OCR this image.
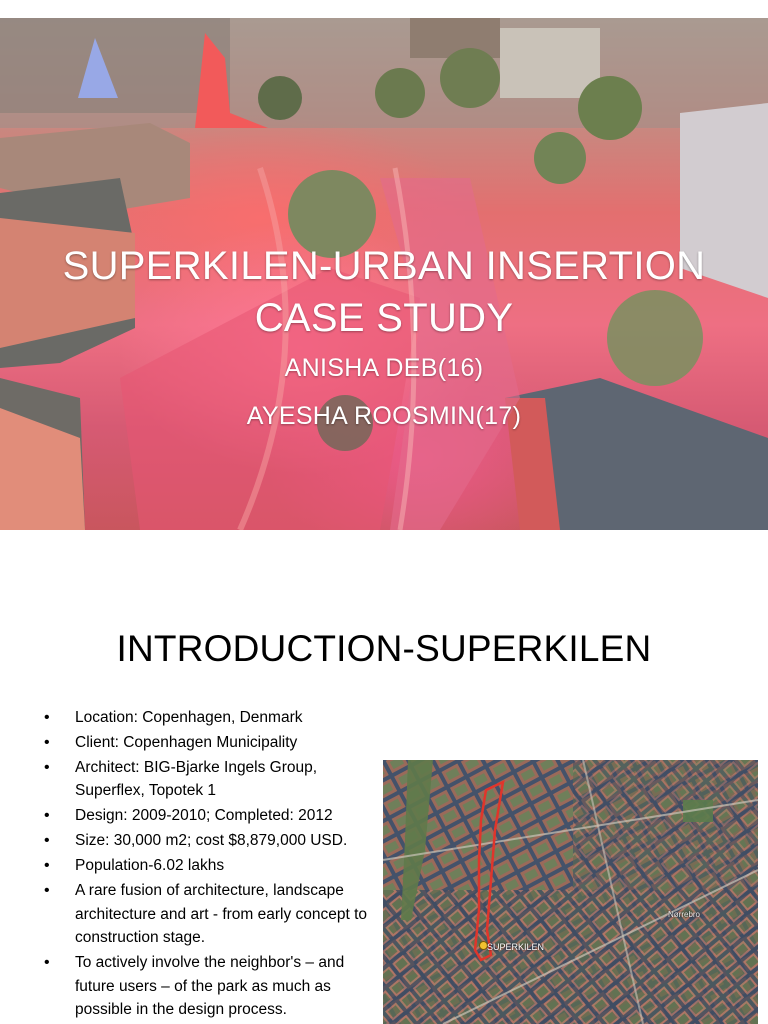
SUPERKILEN-URBAN INSERTION
CASE STUDY
ANISHA DEB(16)
AYESHA ROOSMIN(17)
INTRODUCTION-SUPERKILEN
• Location: Copenhagen, Denmark
• Client: Copenhagen Municipality
• Architect: BIG-Bjarke Ingels Group, Superflex, Topotek 1
• Design: 2009-2010; Completed: 2012
• Size: 30,000 m2; cost $8,879,000 USD.
• Population-6.02 lakhs
• A rare fusion of architecture, landscape architecture and art - from early concept to construction stage.
• To actively involve the neighbor's – and future users – of the park as much as possible in the design process.
SUPERKILEN
Nørrebro
